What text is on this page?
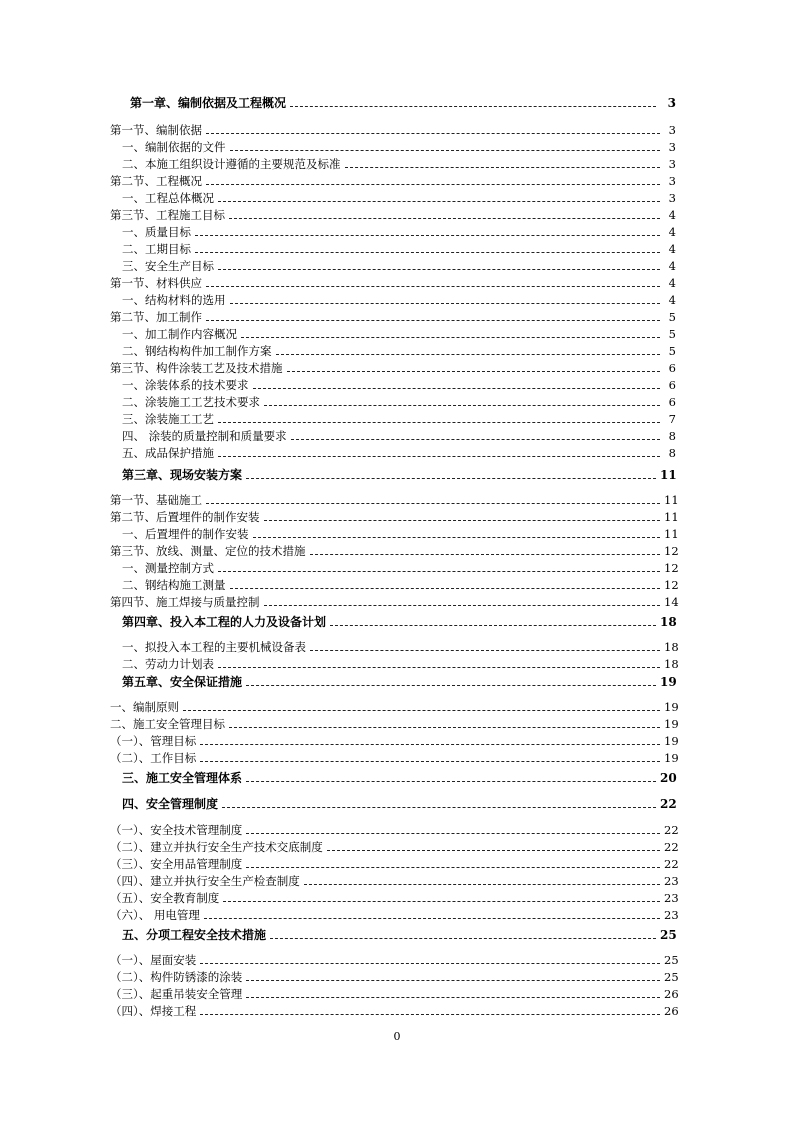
第一章、编制依据及工程概况	3
第一节、编制依据	3
一、编制依据的文件	3
二、本施工组织设计遵循的主要规范及标准	3
第二节、工程概况	3
一、工程总体概况	3
第三节、工程施工目标	4
一、质量目标	4
二、工期目标	4
三、安全生产目标	4
第一节、材料供应	4
一、结构材料的选用	4
第二节、加工制作	5
一、加工制作内容概况	5
二、钢结构构件加工制作方案	5
第三节、构件涂装工艺及技术措施	6
一、涂装体系的技术要求	6
二、涂装施工工艺技术要求	6
三、涂装施工工艺	7
四、 涂装的质量控制和质量要求	8
五、成品保护措施	8
第三章、现场安装方案	11
第一节、基础施工	11
第二节、后置埋件的制作安装	11
一、后置埋件的制作安装	11
第三节、放线、测量、定位的技术措施	12
一、测量控制方式	12
二、钢结构施工测量	12
第四节、施工焊接与质量控制	14
第四章、投入本工程的人力及设备计划	18
一、拟投入本工程的主要机械设备表	18
二、劳动力计划表	18
第五章、安全保证措施	19
一、编制原则	19
二、施工安全管理目标	19
（一）、管理目标	19
（二）、工作目标	19
三、施工安全管理体系	20
四、安全管理制度	22
（一）、安全技术管理制度	22
（二）、建立并执行安全生产技术交底制度	22
（三）、安全用品管理制度	22
（四）、建立并执行安全生产检查制度	23
（五）、安全教育制度	23
（六）、 用电管理	23
五、分项工程安全技术措施	25
（一）、屋面安装	25
（二）、构件防锈漆的涂装	25
（三）、起重吊装安全管理	26
（四）、焊接工程	26
0
